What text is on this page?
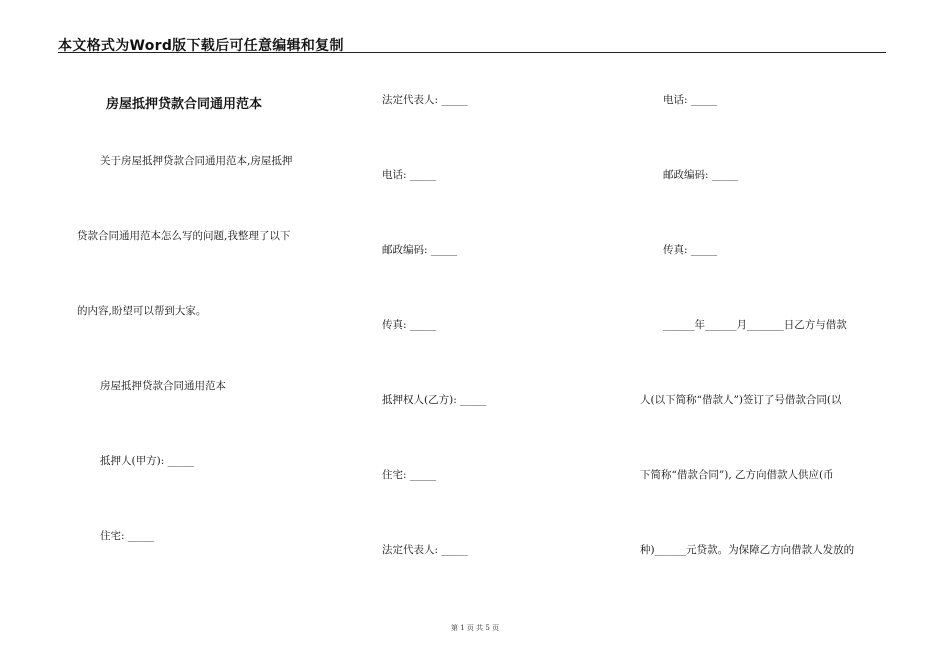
本文格式为Word版下载后可任意编辑和复制
房屋抵押贷款合同通用范本
关于房屋抵押贷款合同通用范本,房屋抵押
贷款合同通用范本怎么写的问题,我整理了以下
的内容,盼望可以帮到大家。
房屋抵押贷款合同通用范本
抵押人(甲方): _____
住宅: _____
法定代表人: _____
电话: _____
邮政编码: _____
传真: _____
抵押权人(乙方): _____
住宅: _____
法定代表人: _____
电话: _____
邮政编码: _____
传真: _____
______年______月_______日乙方与借款
人(以下简称“借款人”)签订了号借款合同(以
下简称“借款合同”), 乙方向借款人供应(币
种)______元贷款。为保障乙方向借款人发放的
第 1 页 共 5 页
